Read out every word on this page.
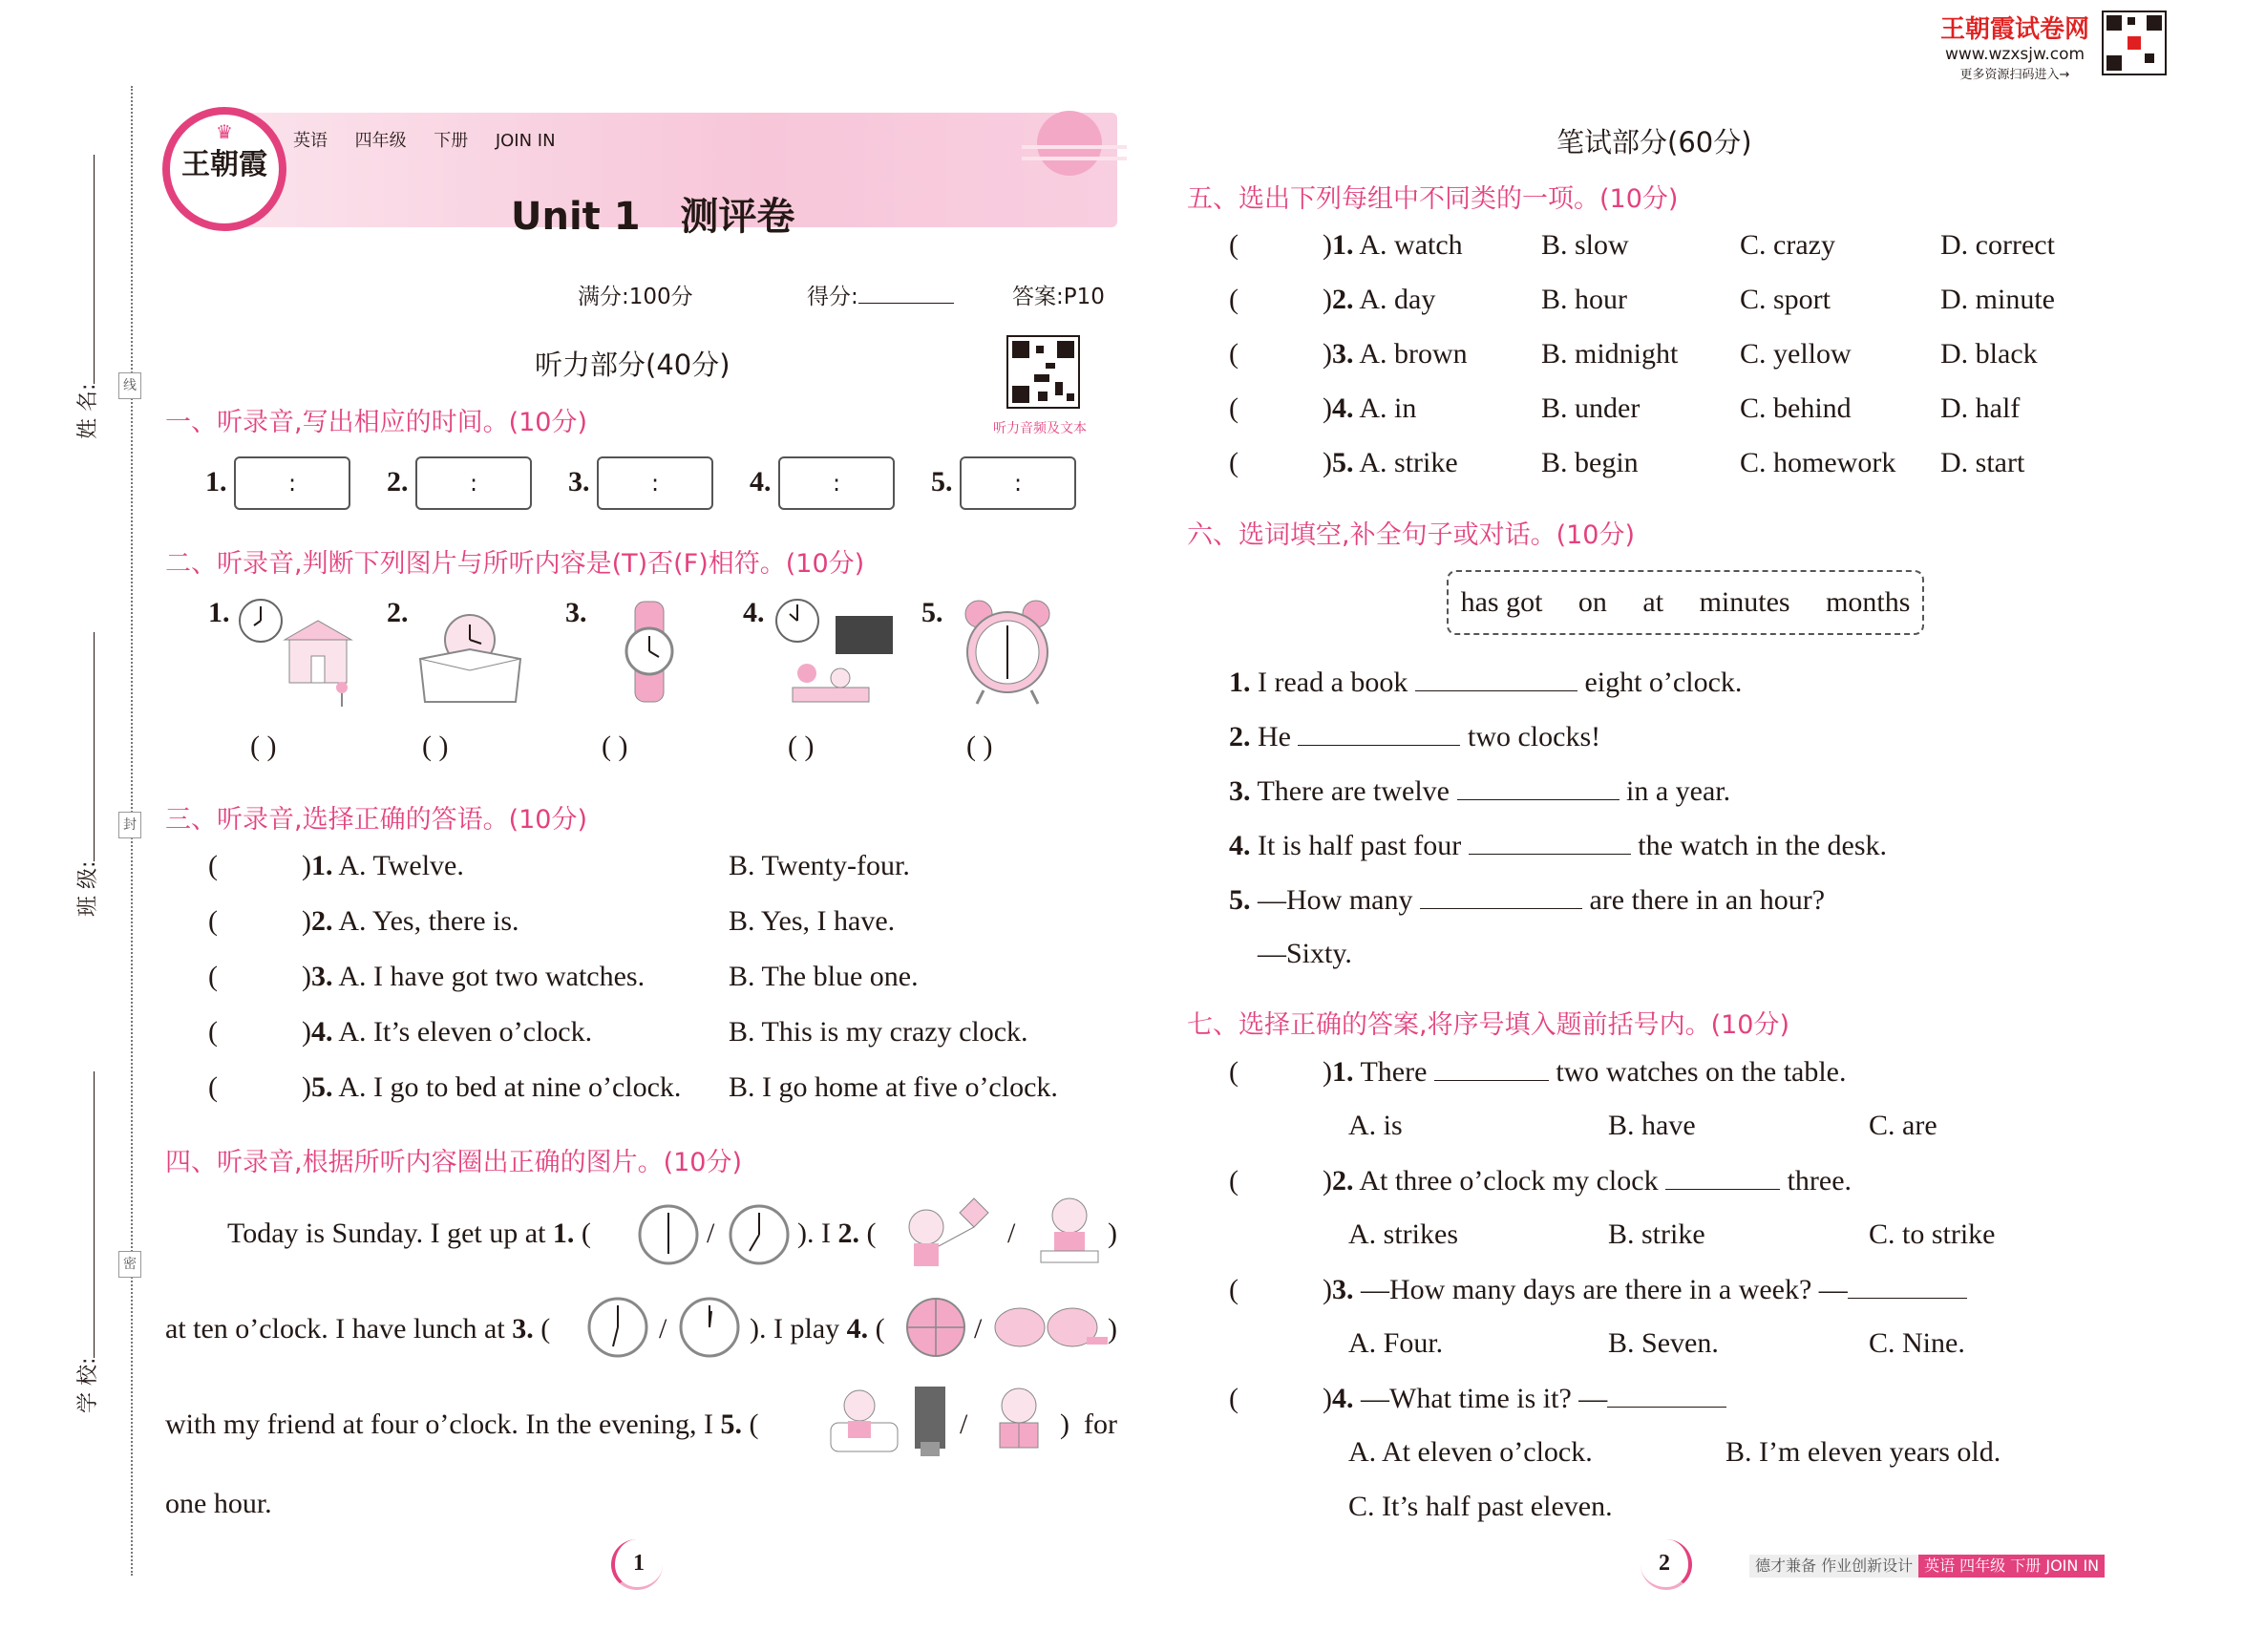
姓 名:
班 级:
学 校:
线
封
密
♛
王朝霞
英语 四年级 下册 JOIN IN
Unit 1 测评卷
满分:100分	得分:	答案:P10
听力部分(40分)
听力音频及文本
一、听录音,写出相应的时间。(10分)
1.	:	2.	:	3.	:	4.	:	5.	:
二、听录音,判断下列图片与所听内容是(T)否(F)相符。(10分)
1.	2.	3.	4.	5.
( )	( )	( )	( )	( )
三、听录音,选择正确的答语。(10分)
(	)1. A. Twelve.	B. Twenty-four.
(	)2. A. Yes, there is.	B. Yes, I have.
(	)3. A. I have got two watches.	B. The blue one.
(	)4. A. It’s eleven o’clock.	B. This is my crazy clock.
(	)5. A. I go to bed at nine o’clock. B. I go home at five o’clock.
四、听录音,根据所听内容圈出正确的图片。(10分)
Today is Sunday. I get up at 1. (	/	). I 2. (	/	)
at ten o’clock. I have lunch at 3. (	/	). I play 4. (	/	)
with my friend at four o’clock. In the evening, I 5. (	/	)  for
one hour.
1
王朝霞试卷网
www.wzxsjw.com
更多资源扫码进入→
笔试部分(60分)
五、选出下列每组中不同类的一项。(10分)
(	)1. A. watch	B. slow	C. crazy	D. correct
(	)2. A. day	B. hour	C. sport	D. minute
(	)3. A. brown	B. midnight C. yellow	D. black
(	)4. A. in	B. under	C. behind	D. half
(	)5. A. strike	B. begin	C. homework D. start
六、选词填空,补全句子或对话。(10分)
has got on at minutes months
1. I read a book	eight o’clock.
2. He	two clocks!
3. There are twelve	in a year.
4. It is half past four	the watch in the desk.
5. —How many	are there in an hour?
—Sixty.
七、选择正确的答案,将序号填入题前括号内。(10分)
(	)1. There	two watches on the table.
A. is	B. have	C. are
(	)2. At three o’clock my clock	three.
A. strikes	B. strike	C. to strike
(	)3. —How many days are there in a week? —
A. Four.	B. Seven.	C. Nine.
(	)4. —What time is it? —
A. At eleven o’clock.	B. I’m eleven years old.
C. It’s half past eleven.
2	德才兼备 作业创新设计 英语 四年级 下册 JOIN IN
